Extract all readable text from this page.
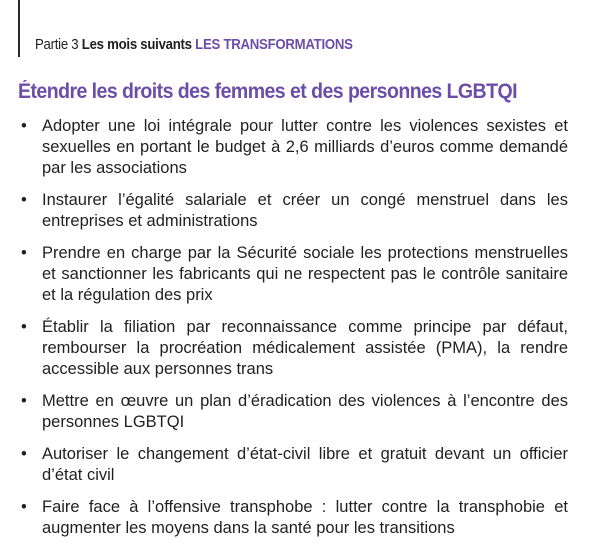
Partie 3 Les mois suivants LES TRANSFORMATIONS
Étendre les droits des femmes et des personnes LGBTQI
• Adopter une loi intégrale pour lutter contre les violences sexistes et sexuelles en portant le budget à 2,6 milliards d’euros comme demandé par les associations
• Instaurer l’égalité salariale et créer un congé menstruel dans les entreprises et administrations
• Prendre en charge par la Sécurité sociale les protections menstruelles et sanctionner les fabricants qui ne respectent pas le contrôle sanitaire et la régulation des prix
• Établir la filiation par reconnaissance comme principe par défaut, rembourser la procréation médicalement assistée (PMA), la rendre accessible aux personnes trans
• Mettre en œuvre un plan d’éradication des violences à l’encontre des personnes LGBTQI
• Autoriser le changement d’état-civil libre et gratuit devant un officier d’état civil
• Faire face à l’offensive transphobe : lutter contre la transphobie et augmenter les moyens dans la santé pour les transitions
